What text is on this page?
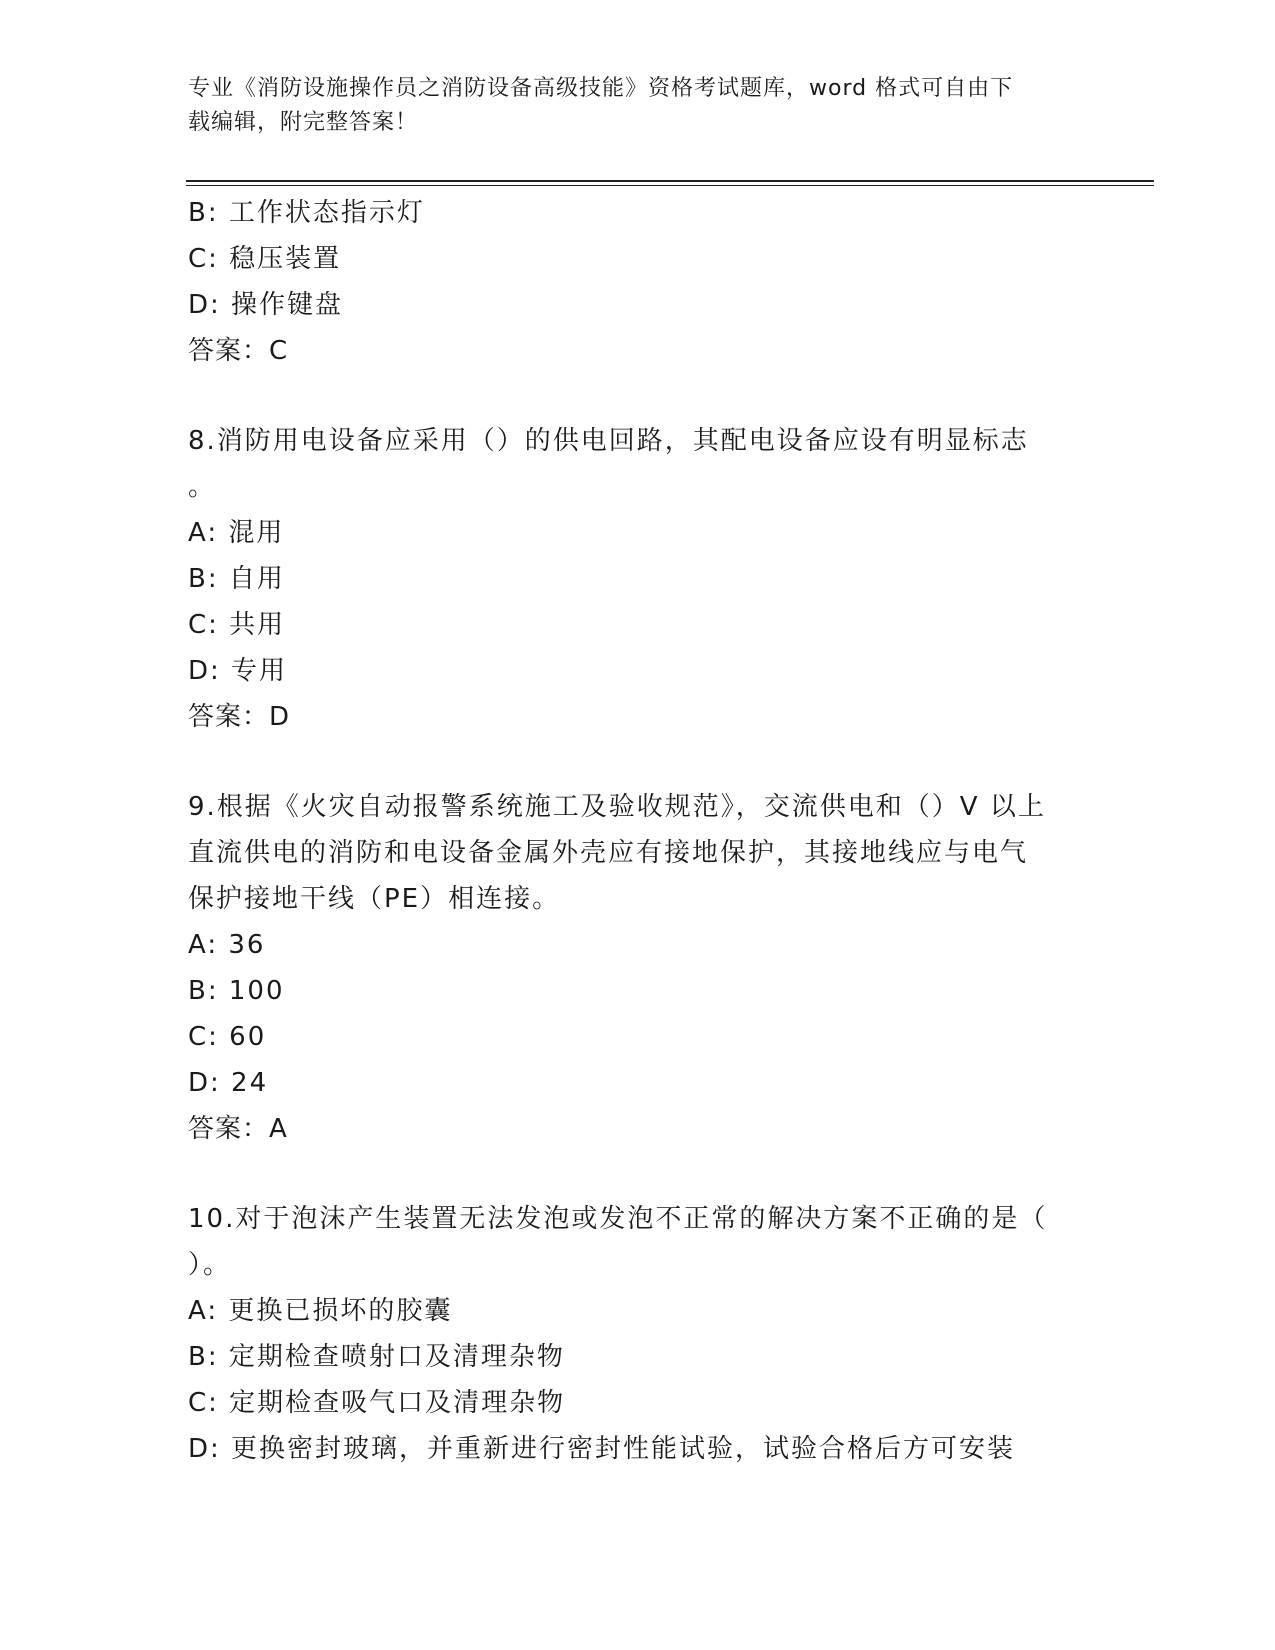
专业《消防设施操作员之消防设备高级技能》资格考试题库，word 格式可自由下
载编辑，附完整答案！
B: 工作状态指示灯
C: 稳压装置
D: 操作键盘
答案：C
8.消防用电设备应采用（）的供电回路，其配电设备应设有明显标志
。
A: 混用
B: 自用
C: 共用
D: 专用
答案：D
9.根据《火灾自动报警系统施工及验收规范》，交流供电和（）V 以上
直流供电的消防和电设备金属外壳应有接地保护，其接地线应与电气
保护接地干线（PE）相连接。
A: 36
B: 100
C: 60
D: 24
答案：A
10.对于泡沫产生装置无法发泡或发泡不正常的解决方案不正确的是（
）。
A: 更换已损坏的胶囊
B: 定期检查喷射口及清理杂物
C: 定期检查吸气口及清理杂物
D: 更换密封玻璃，并重新进行密封性能试验，试验合格后方可安装
